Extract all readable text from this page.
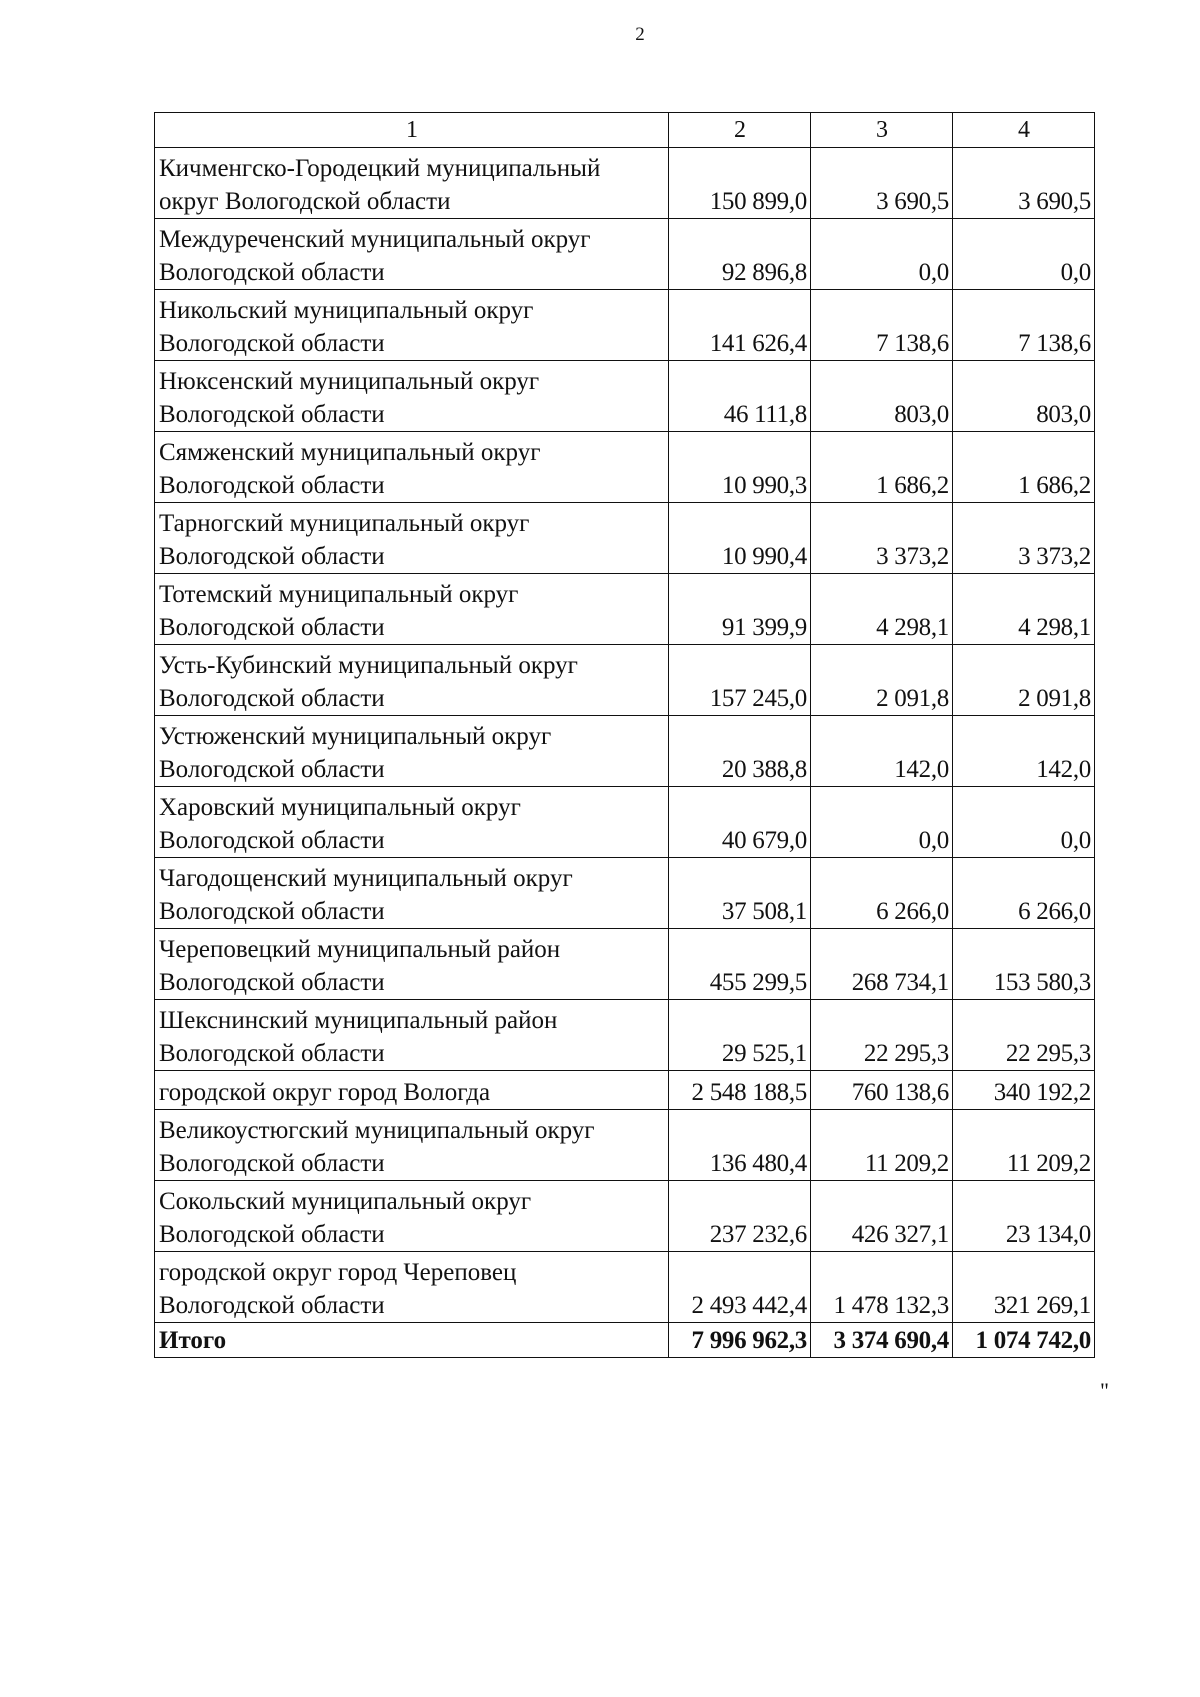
2
1	2	3	4

Кичменгско-Городецкий муниципальный
округ Вологодской области	150 899,0	3 690,5	3 690,5

Междуреченский муниципальный округ
Вологодской области	92 896,8	0,0	0,0

Никольский муниципальный округ
Вологодской области	141 626,4	7 138,6	7 138,6

Нюксенский муниципальный округ
Вологодской области	46 111,8	803,0	803,0

Сямженский муниципальный округ
Вологодской области	10 990,3	1 686,2	1 686,2

Тарногский муниципальный округ
Вологодской области	10 990,4	3 373,2	3 373,2

Тотемский муниципальный округ
Вологодской области	91 399,9	4 298,1	4 298,1

Усть-Кубинский муниципальный округ
Вологодской области	157 245,0	2 091,8	2 091,8

Устюженский муниципальный округ
Вологодской области	20 388,8	142,0	142,0

Харовский муниципальный округ
Вологодской области	40 679,0	0,0	0,0

Чагодощенский муниципальный округ
Вологодской области	37 508,1	6 266,0	6 266,0

Череповецкий муниципальный район
Вологодской области	455 299,5	268 734,1	153 580,3

Шекснинский муниципальный район
Вологодской области	29 525,1	22 295,3	22 295,3

городской округ город Вологда	2 548 188,5	760 138,6	340 192,2

Великоустюгский муниципальный округ
Вологодской области	136 480,4	11 209,2	11 209,2

Сокольский муниципальный округ
Вологодской области	237 232,6	426 327,1	23 134,0

городской округ город Череповец
Вологодской области	2 493 442,4	1 478 132,3	321 269,1
Итого	7 996 962,3	3 374 690,4	1 074 742,0
"
